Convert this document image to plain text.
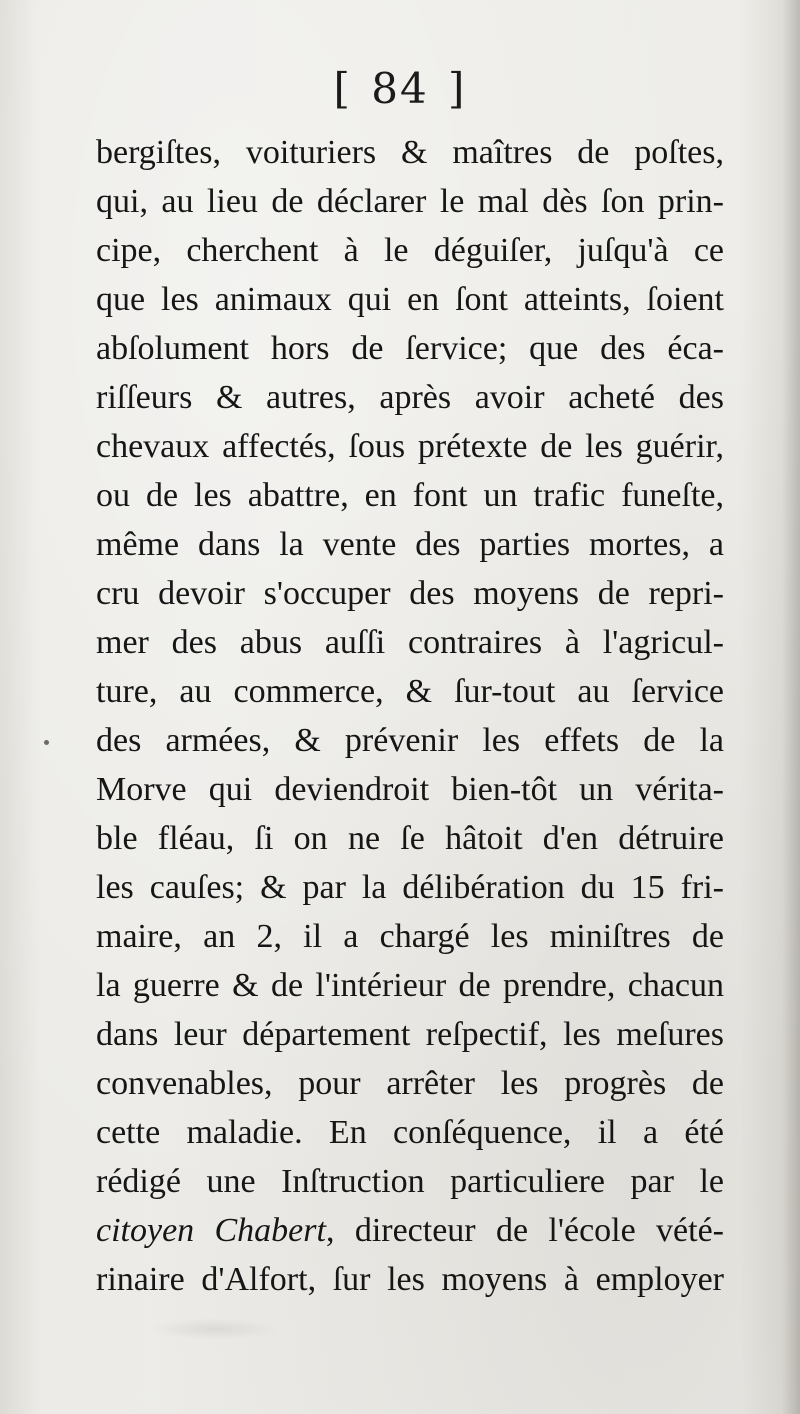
[ 84 ]
bergiſtes, voituriers & maîtres de poſtes,
qui, au lieu de déclarer le mal dès ſon prin-
cipe, cherchent à le déguiſer, juſqu'à ce
que les animaux qui en ſont atteints, ſoient
abſolument hors de ſervice; que des éca-
riſſeurs & autres, après avoir acheté des
chevaux affectés, ſous prétexte de les guérir,
ou de les abattre, en font un trafic funeſte,
même dans la vente des parties mortes, a
cru devoir s'occuper des moyens de repri-
mer des abus auſſi contraires à l'agricul-
ture, au commerce, & ſur-tout au ſervice
des armées, & prévenir les effets de la
Morve qui deviendroit bien-tôt un vérita-
ble fléau, ſi on ne ſe hâtoit d'en détruire
les cauſes; & par la délibération du 15 fri-
maire, an 2, il a chargé les miniſtres de
la guerre & de l'intérieur de prendre, chacun
dans leur département reſpectif, les meſures
convenables, pour arrêter les progrès de
cette maladie. En conſéquence, il a été
rédigé une Inſtruction particuliere par le
citoyen Chabert, directeur de l'école vété-
rinaire d'Alfort, ſur les moyens à employer
